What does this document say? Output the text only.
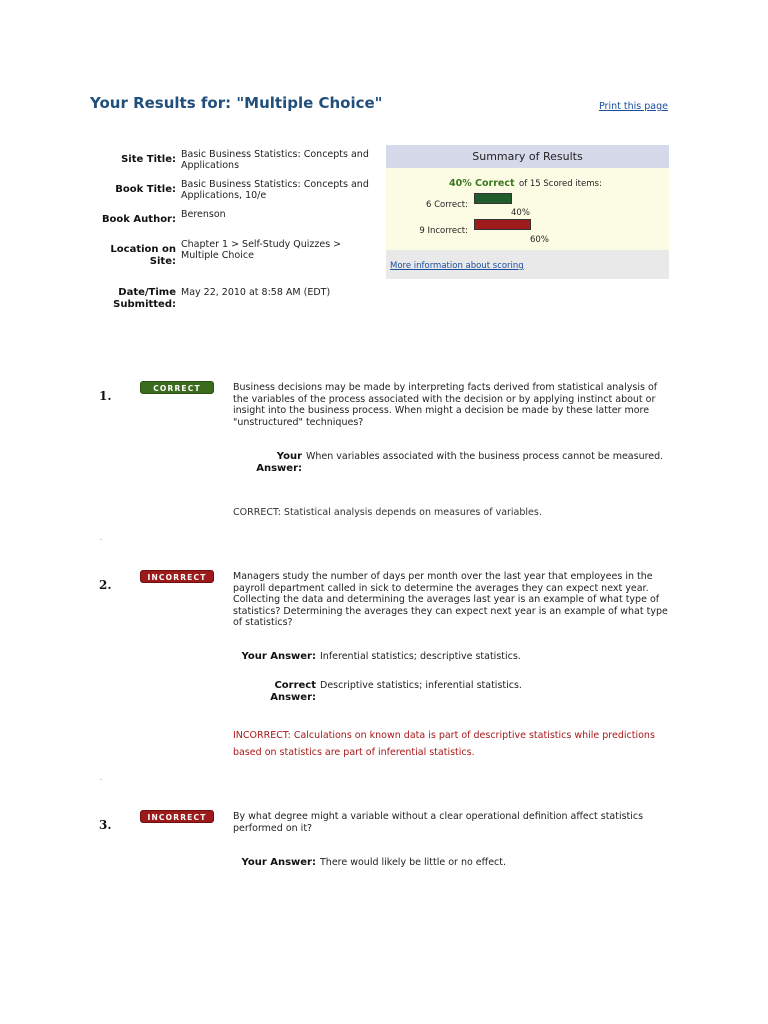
Your Results for: "Multiple Choice"	Print this page
Site Title: Basic Business Statistics: Concepts and Applications
Book Title: Basic Business Statistics: Concepts and Applications, 10/e
Book Author: Berenson
Location on Site:
Chapter 1 > Self-Study Quizzes > Multiple Choice
Date/Time Submitted:
May 22, 2010 at 8:58 AM (EDT)
Summary of Results
40% Correct of 15 Scored items:
6 Correct:
40%
9 Incorrect:
60%
More information about scoring
1.
CORRECT	Business decisions may be made by interpreting facts derived from statistical analysis of the variables of the process associated with the decision or by applying instinct about or insight into the business process. When might a decision be made by these latter more "unstructured" techniques?
Your Answer:
When variables associated with the business process cannot be measured.
CORRECT: Statistical analysis depends on measures of variables.
2.
INCORRECT	Managers study the number of days per month over the last year that employees in the payroll department called in sick to determine the averages they can expect next year. Collecting the data and determining the averages last year is an example of what type of statistics? Determining the averages they can expect next year is an example of what type of statistics?
Your Answer: Inferential statistics; descriptive statistics.
Correct Answer:
Descriptive statistics; inferential statistics.
INCORRECT: Calculations on known data is part of descriptive statistics while predictions based on statistics are part of inferential statistics.
3.
INCORRECT	By what degree might a variable without a clear operational definition affect statistics performed on it?
Your Answer: There would likely be little or no effect.
